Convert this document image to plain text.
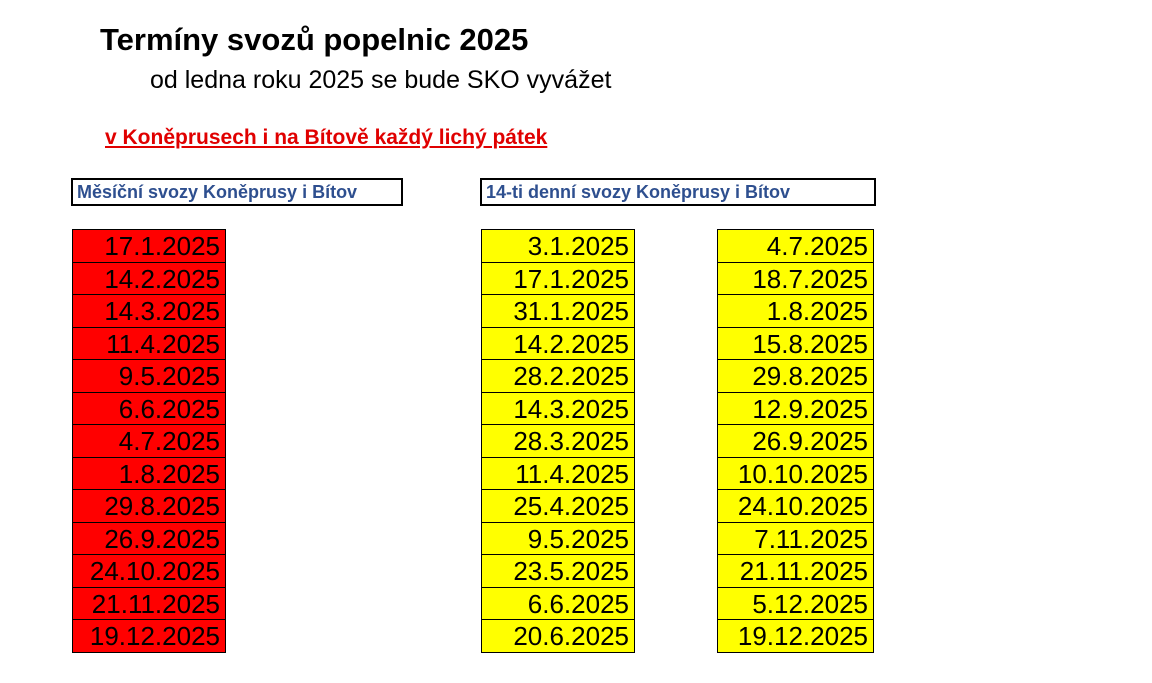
Termíny svozů popelnic 2025
od ledna roku 2025 se bude SKO vyvážet
v Koněprusech i na Bítově každý lichý pátek
Měsíční svozy Koněprusy i Bítov	14-ti denní svozy Koněprusy i Bítov
17.1.2025
14.2.2025
14.3.2025
11.4.2025
9.5.2025
6.6.2025
4.7.2025
1.8.2025
29.8.2025
26.9.2025
24.10.2025
21.11.2025
19.12.2025
3.1.2025
17.1.2025
31.1.2025
14.2.2025
28.2.2025
14.3.2025
28.3.2025
11.4.2025
25.4.2025
9.5.2025
23.5.2025
6.6.2025
20.6.2025
4.7.2025
18.7.2025
1.8.2025
15.8.2025
29.8.2025
12.9.2025
26.9.2025
10.10.2025
24.10.2025
7.11.2025
21.11.2025
5.12.2025
19.12.2025
